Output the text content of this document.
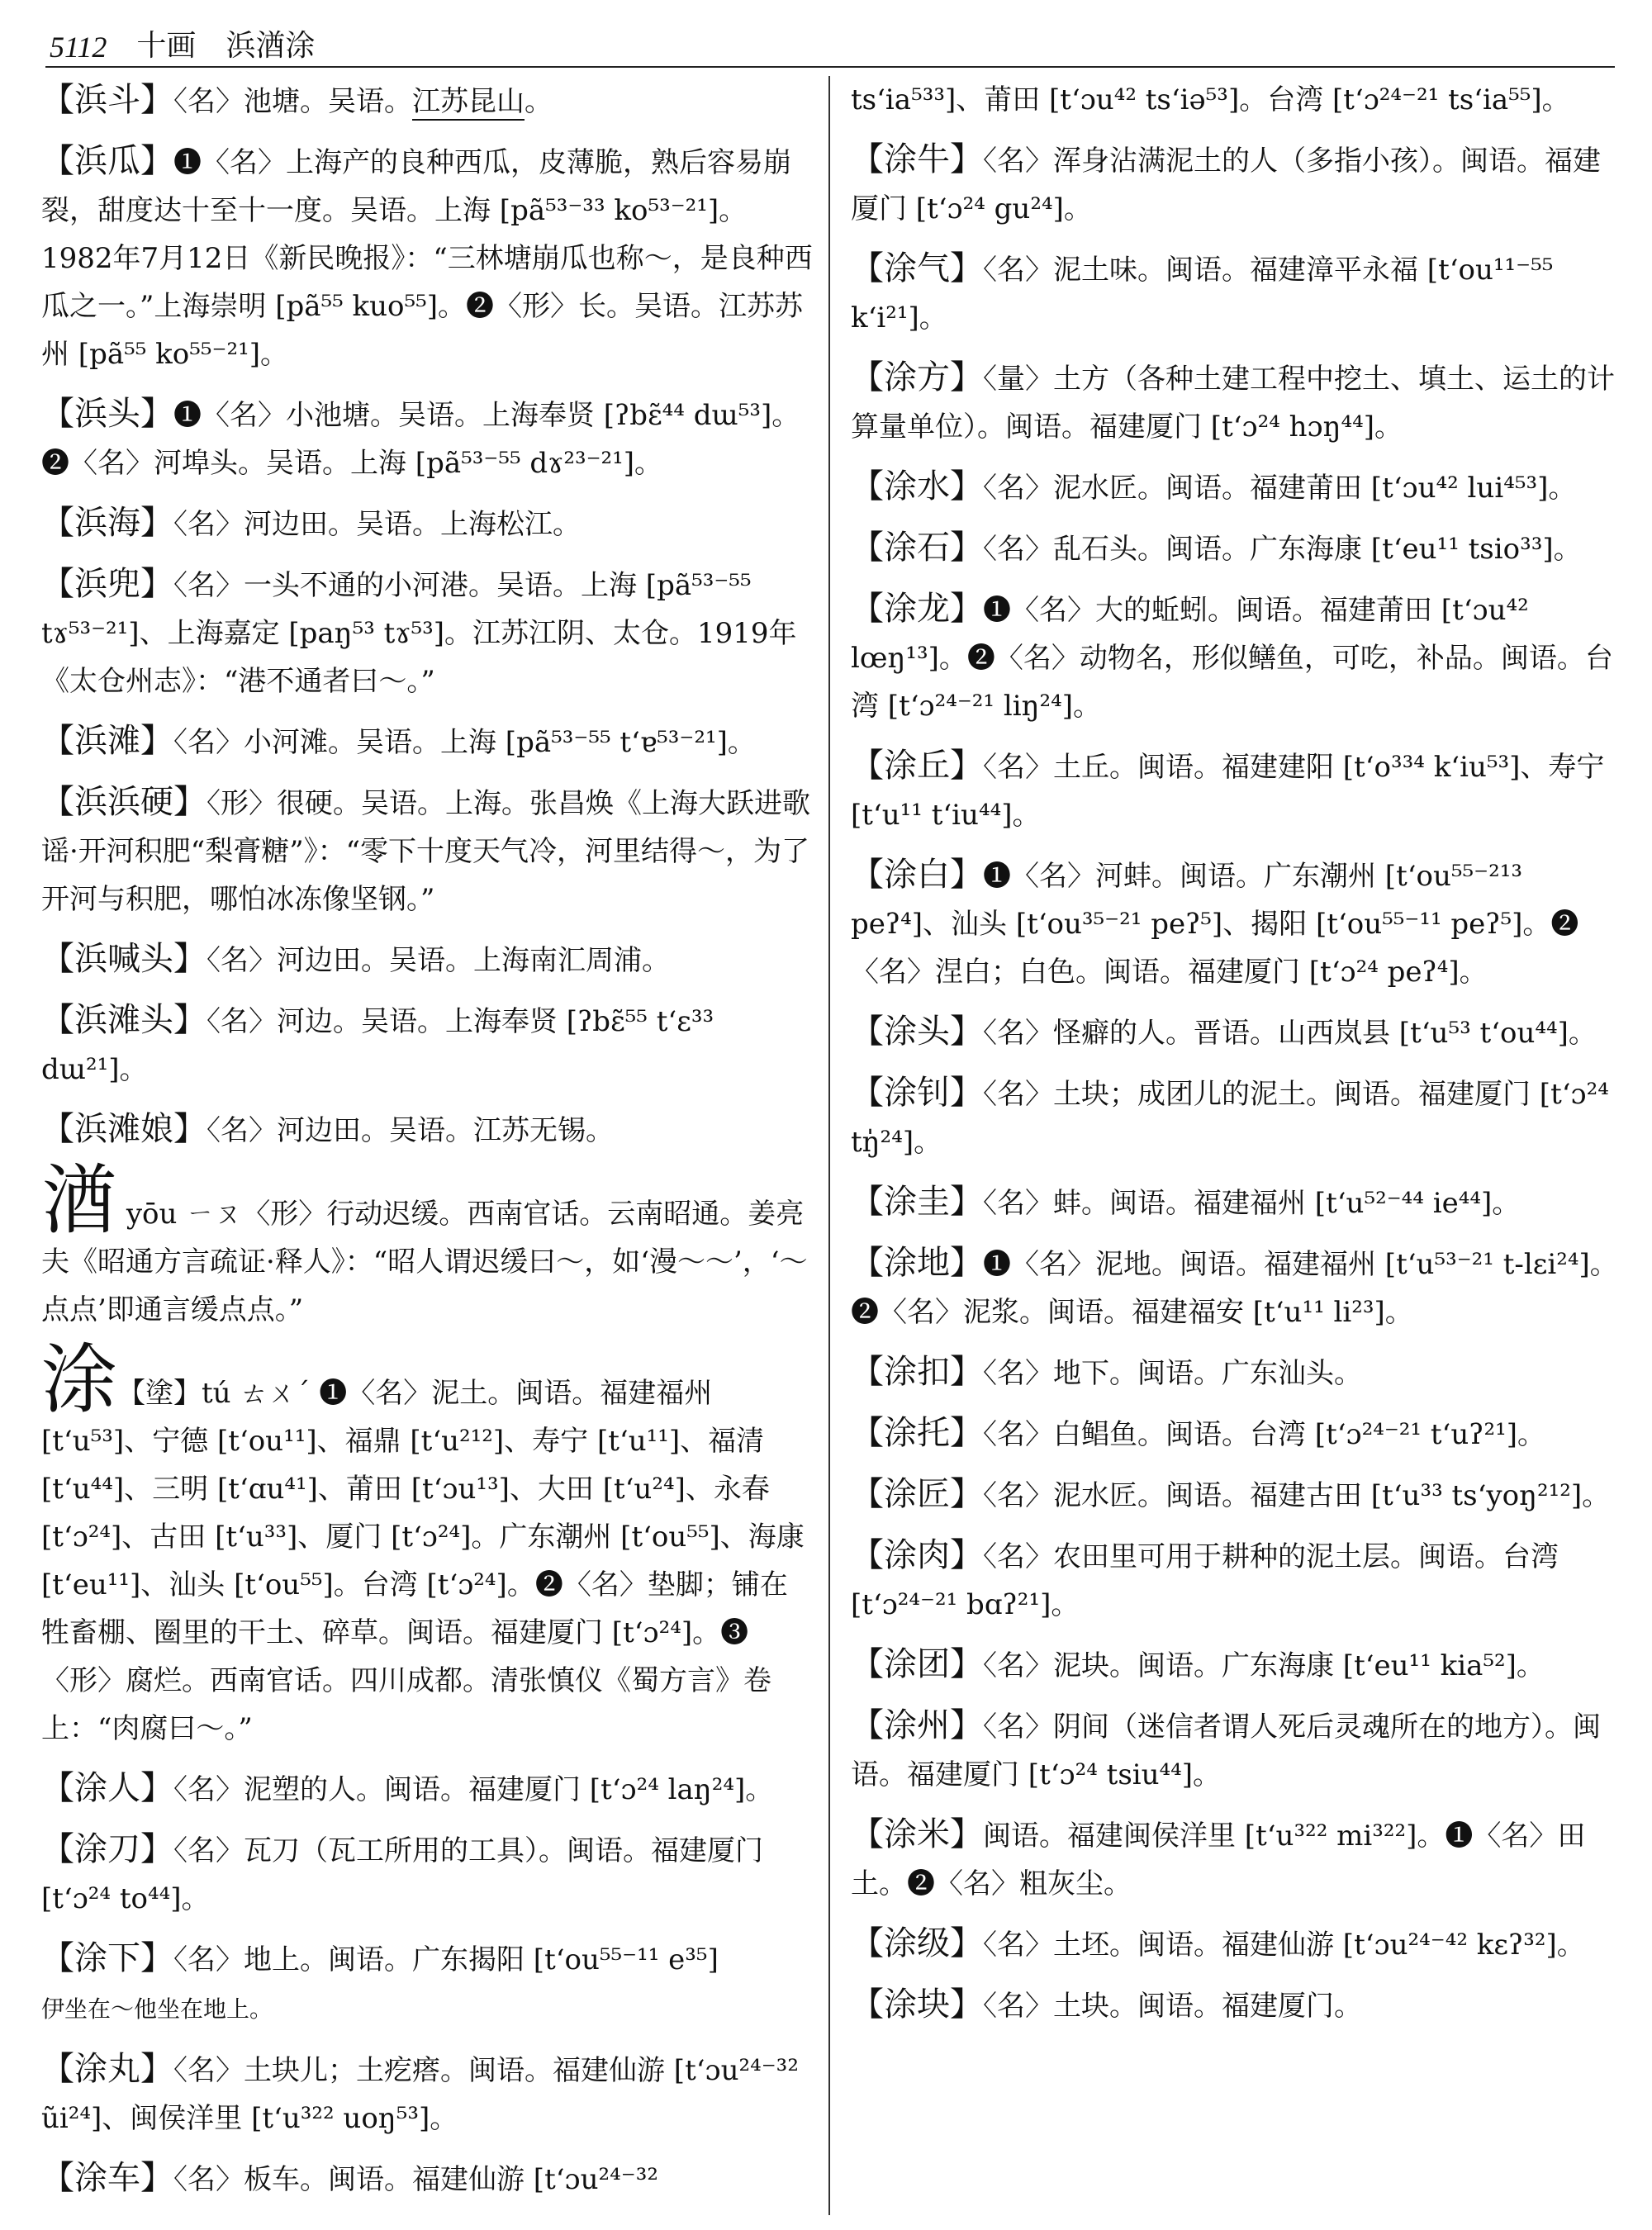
5112 十画 浜湭涂
【浜斗】〈名〉池塘。吴语。江苏昆山。
【浜瓜】❶〈名〉上海产的良种西瓜，皮薄脆，熟后容易崩裂，甜度达十至十一度。吴语。上海 [pã⁵³⁻³³ ko⁵³⁻²¹]。1982年7月12日《新民晚报》：“三林塘崩瓜也称～，是良种西瓜之一。”上海崇明 [pã⁵⁵ kuo⁵⁵]。❷〈形〉长。吴语。江苏苏州 [pã⁵⁵ ko⁵⁵⁻²¹]。
【浜头】❶〈名〉小池塘。吴语。上海奉贤 [ʔbɛ̃⁴⁴ dɯ⁵³]。❷〈名〉河埠头。吴语。上海 [pã⁵³⁻⁵⁵ dɤ²³⁻²¹]。
【浜海】〈名〉河边田。吴语。上海松江。
【浜兜】〈名〉一头不通的小河港。吴语。上海 [pã⁵³⁻⁵⁵ tɤ⁵³⁻²¹]、上海嘉定 [paŋ⁵³ tɤ⁵³]。江苏江阴、太仓。1919年《太仓州志》：“港不通者曰～。”
【浜滩】〈名〉小河滩。吴语。上海 [pã⁵³⁻⁵⁵ tʻɐ⁵³⁻²¹]。
【浜浜硬】〈形〉很硬。吴语。上海。张昌焕《上海大跃进歌谣·开河积肥“梨膏糖”》：“零下十度天气冷，河里结得～，为了开河与积肥，哪怕冰冻像坚钢。”
【浜喊头】〈名〉河边田。吴语。上海南汇周浦。
【浜滩头】〈名〉河边。吴语。上海奉贤 [ʔbɛ̃⁵⁵ tʻɛ³³ dɯ²¹]。
【浜滩娘】〈名〉河边田。吴语。江苏无锡。
湭 yōu ㄧㄡ〈形〉行动迟缓。西南官话。云南昭通。姜亮夫《昭通方言疏证·释人》：“昭人谓迟缓曰～，如‘漫～～’，‘～点点’即通言缓点点。”
涂【塗】tú ㄊㄨˊ ❶〈名〉泥土。闽语。福建福州 [tʻu⁵³]、宁德 [tʻou¹¹]、福鼎 [tʻu²¹²]、寿宁 [tʻu¹¹]、福清 [tʻu⁴⁴]、三明 [tʻɑu⁴¹]、莆田 [tʻɔu¹³]、大田 [tʻu²⁴]、永春 [tʻɔ²⁴]、古田 [tʻu³³]、厦门 [tʻɔ²⁴]。广东潮州 [tʻou⁵⁵]、海康 [tʻeu¹¹]、汕头 [tʻou⁵⁵]。台湾 [tʻɔ²⁴]。❷〈名〉垫脚；铺在牲畜棚、圈里的干土、碎草。闽语。福建厦门 [tʻɔ²⁴]。❸〈形〉腐烂。西南官话。四川成都。清张慎仪《蜀方言》卷上：“肉腐曰～。”
【涂人】〈名〉泥塑的人。闽语。福建厦门 [tʻɔ²⁴ laŋ²⁴]。
【涂刀】〈名〉瓦刀（瓦工所用的工具）。闽语。福建厦门 [tʻɔ²⁴ to⁴⁴]。
【涂下】〈名〉地上。闽语。广东揭阳 [tʻou⁵⁵⁻¹¹ e³⁵]
伊坐在～他坐在地上。
【涂丸】〈名〉土块儿；土疙瘩。闽语。福建仙游 [tʻɔu²⁴⁻³² ũi²⁴]、闽侯洋里 [tʻu³²² uoŋ⁵³]。
【涂车】〈名〉板车。闽语。福建仙游 [tʻɔu²⁴⁻³²
tsʻia⁵³³]、莆田 [tʻɔu⁴² tsʻiə⁵³]。台湾 [tʻɔ²⁴⁻²¹ tsʻia⁵⁵]。
【涂牛】〈名〉浑身沾满泥土的人（多指小孩）。闽语。福建厦门 [tʻɔ²⁴ gu²⁴]。
【涂气】〈名〉泥土味。闽语。福建漳平永福 [tʻou¹¹⁻⁵⁵ kʻi²¹]。
【涂方】〈量〉土方（各种土建工程中挖土、填土、运土的计算量单位）。闽语。福建厦门 [tʻɔ²⁴ hɔŋ⁴⁴]。
【涂水】〈名〉泥水匠。闽语。福建莆田 [tʻɔu⁴² lui⁴⁵³]。
【涂石】〈名〉乱石头。闽语。广东海康 [tʻeu¹¹ tsio³³]。
【涂龙】❶〈名〉大的蚯蚓。闽语。福建莆田 [tʻɔu⁴² lœŋ¹³]。❷〈名〉动物名，形似鳝鱼，可吃，补品。闽语。台湾 [tʻɔ²⁴⁻²¹ liŋ²⁴]。
【涂丘】〈名〉土丘。闽语。福建建阳 [tʻo³³⁴ kʻiu⁵³]、寿宁 [tʻu¹¹ tʻiu⁴⁴]。
【涂白】❶〈名〉河蚌。闽语。广东潮州 [tʻou⁵⁵⁻²¹³ peʔ⁴]、汕头 [tʻou³⁵⁻²¹ peʔ⁵]、揭阳 [tʻou⁵⁵⁻¹¹ peʔ⁵]。❷〈名〉涅白；白色。闽语。福建厦门 [tʻɔ²⁴ peʔ⁴]。
【涂头】〈名〉怪癖的人。晋语。山西岚县 [tʻu⁵³ tʻou⁴⁴]。
【涂钊】〈名〉土块；成团儿的泥土。闽语。福建厦门 [tʻɔ²⁴ tŋ̍²⁴]。
【涂圭】〈名〉蚌。闽语。福建福州 [tʻu⁵²⁻⁴⁴ ie⁴⁴]。
【涂地】❶〈名〉泥地。闽语。福建福州 [tʻu⁵³⁻²¹ t-lɛi²⁴]。❷〈名〉泥浆。闽语。福建福安 [tʻu¹¹ li²³]。
【涂扣】〈名〉地下。闽语。广东汕头。
【涂托】〈名〉白鲳鱼。闽语。台湾 [tʻɔ²⁴⁻²¹ tʻuʔ²¹]。
【涂匠】〈名〉泥水匠。闽语。福建古田 [tʻu³³ tsʻyoŋ²¹²]。
【涂肉】〈名〉农田里可用于耕种的泥土层。闽语。台湾 [tʻɔ²⁴⁻²¹ bɑʔ²¹]。
【涂团】〈名〉泥块。闽语。广东海康 [tʻeu¹¹ kia⁵²]。
【涂州】〈名〉阴间（迷信者谓人死后灵魂所在的地方）。闽语。福建厦门 [tʻɔ²⁴ tsiu⁴⁴]。
【涂米】闽语。福建闽侯洋里 [tʻu³²² mi³²²]。❶〈名〉田土。❷〈名〉粗灰尘。
【涂级】〈名〉土坯。闽语。福建仙游 [tʻɔu²⁴⁻⁴² kɛʔ³²]。
【涂块】〈名〉土块。闽语。福建厦门。
